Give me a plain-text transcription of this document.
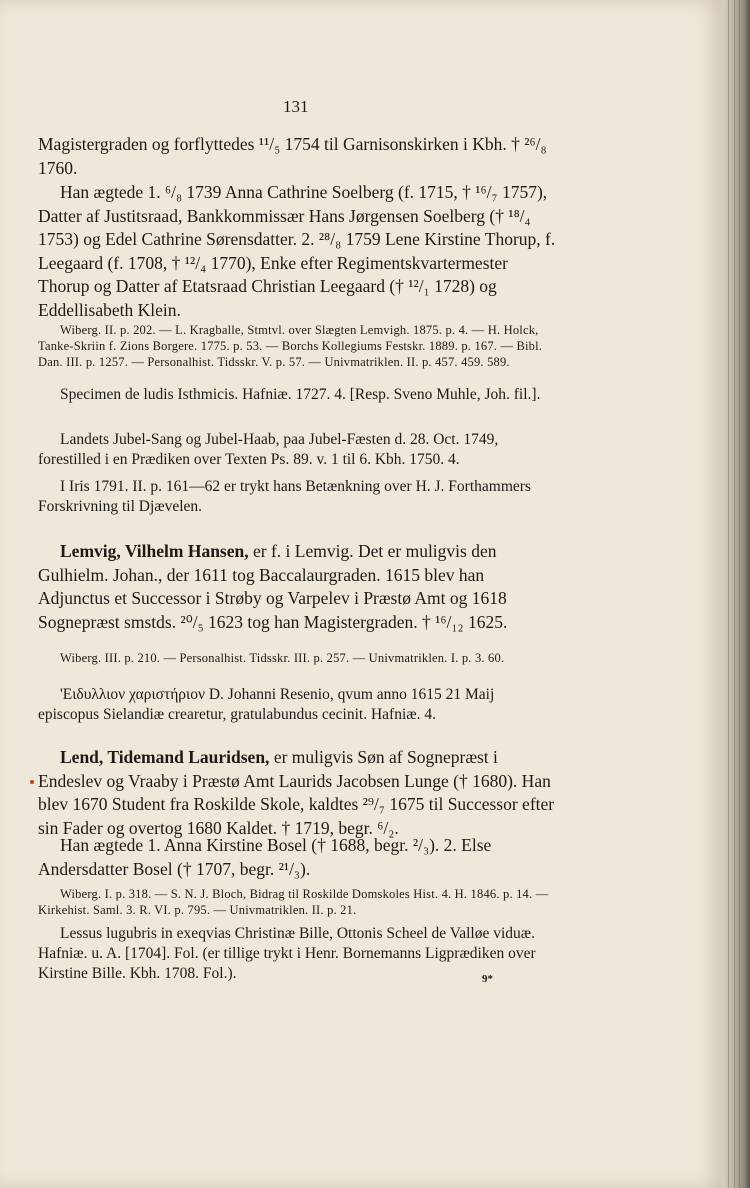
131
Magistergraden og forflyttedes ¹¹/₅ 1754 til Garnisonskirken i Kbh. † ²⁶/₈ 1760.
Han ægtede 1. ⁶/₈ 1739 Anna Cathrine Soelberg (f. 1715, † ¹⁶/₇ 1757), Datter af Justitsraad, Bankkommissær Hans Jørgensen Soelberg († ¹⁸/₄ 1753) og Edel Cathrine Sørensdatter. 2. ²⁸/₈ 1759 Lene Kirstine Thorup, f. Leegaard (f. 1708, † ¹²/₄ 1770), Enke efter Regimentskvartermester Thorup og Datter af Etatsraad Christian Leegaard († ¹²/₁ 1728) og Eddellisabeth Klein.
Wiberg. II. p. 202. — L. Kragballe, Stmtvl. over Slægten Lemvigh. 1875. p. 4. — H. Holck, Tanke-Skriin f. Zions Borgere. 1775. p. 53. — Borchs Kollegiums Festskr. 1889. p. 167. — Bibl. Dan. III. p. 1257. — Personalhist. Tidsskr. V. p. 57. — Univmatriklen. II. p. 457. 459. 589.
Specimen de ludis Isthmicis. Hafniæ. 1727. 4. [Resp. Sveno Muhle, Joh. fil.].
Landets Jubel-Sang og Jubel-Haab, paa Jubel-Fæsten d. 28. Oct. 1749, forestilled i en Prædiken over Texten Ps. 89. v. 1 til 6. Kbh. 1750. 4.
I Iris 1791. II. p. 161—62 er trykt hans Betænkning over H. J. Forthammers Forskrivning til Djævelen.
Lemvig, Vilhelm Hansen, er f. i Lemvig. Det er muligvis den Gulhielm. Johan., der 1611 tog Baccalaurgraden. 1615 blev han Adjunctus et Successor i Strøby og Varpelev i Præstø Amt og 1618 Sognepræst smstds. ²⁰/₅ 1623 tog han Magistergraden. † ¹⁶/₁₂ 1625.
Wiberg. III. p. 210. — Personalhist. Tidsskr. III. p. 257. — Univmatriklen. I. p. 3. 60.
'Ειδυλλιον χαριστήριον D. Johanni Resenio, qvum anno 1615 21 Maij episcopus Sielandiæ crearetur, gratulabundus cecinit. Hafniæ. 4.
Lend, Tidemand Lauridsen, er muligvis Søn af Sognepræst i Endeslev og Vraaby i Præstø Amt Laurids Jacobsen Lunge († 1680). Han blev 1670 Student fra Roskilde Skole, kaldtes ²⁹/₇ 1675 til Successor efter sin Fader og overtog 1680 Kaldet. † 1719, begr. ⁶/₂.
Han ægtede 1. Anna Kirstine Bosel († 1688, begr. ²/₃). 2. Else Andersdatter Bosel († 1707, begr. ²¹/₃).
Wiberg. I. p. 318. — S. N. J. Bloch, Bidrag til Roskilde Domskoles Hist. 4. H. 1846. p. 14. — Kirkehist. Saml. 3. R. VI. p. 795. — Univmatriklen. II. p. 21.
Lessus lugubris in exeqvias Christinæ Bille, Ottonis Scheel de Valløe viduæ. Hafniæ. u. A. [1704]. Fol. (er tillige trykt i Henr. Bornemanns Ligprædiken over Kirstine Bille. Kbh. 1708. Fol.).	9*
